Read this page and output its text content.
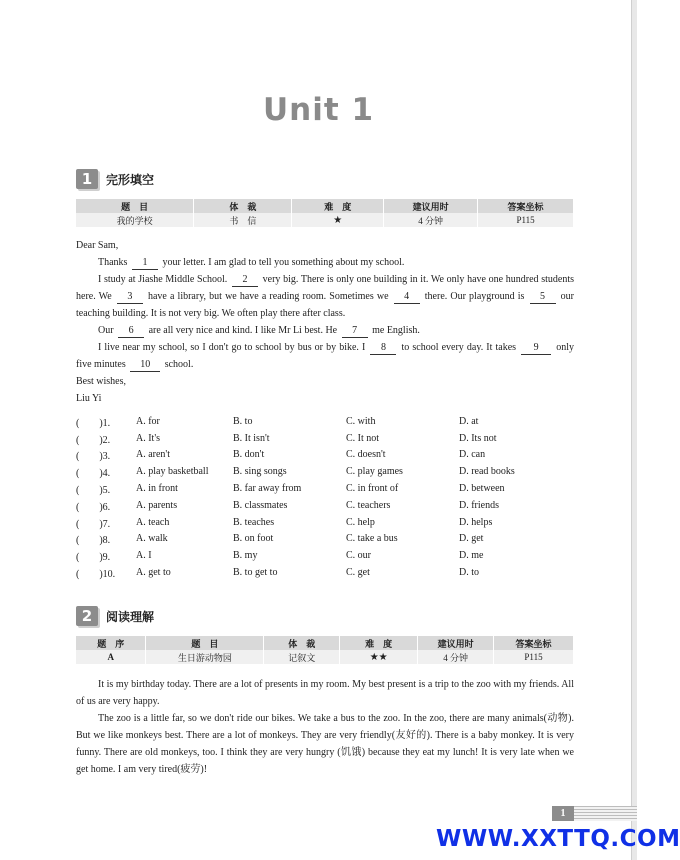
Unit 1
1	完形填空
题　目	体　裁	难　度	建议用时	答案坐标
我的学校	书　信	★	4 分钟	P115

Dear Sam,

Thanks 1 your letter. I am glad to tell you something about my school.

I study at Jiashe Middle School. 2 very big. There is only one building in it. We only have one hundred students here. We 3 have a library, but we have a reading room. Sometimes we 4 there. Our playground is 5 our teaching building. It is not very big. We often play there after class.

Our 6 are all very nice and kind. I like Mr Li best. He 7 me English.

I live near my school, so I don't go to school by bus or by bike. I 8 to school every day. It takes 9 only five minutes 10 school.

Best wishes,

Liu Yi

(　　)1.	A. for	B. to	C. with	D. at
(　　)2.	A. It's	B. It isn't	C. It not	D. Its not
(　　)3.	A. aren't	B. don't	C. doesn't	D. can
(　　)4.	A. play basketball	B. sing songs	C. play games	D. read books
(　　)5.	A. in front	B. far away from	C. in front of	D. between
(　　)6.	A. parents	B. classmates	C. teachers	D. friends
(　　)7.	A. teach	B. teaches	C. help	D. helps
(　　)8.	A. walk	B. on foot	C. take a bus	D. get
(　　)9.	A. I	B. my	C. our	D. me
(　　)10.	A. get to	B. to get to	C. get	D. to
2	阅读理解
题　序	题　目	体　裁	难　度	建议用时	答案坐标
A	生日游动物园	记叙文	★★	4 分钟	P115

It is my birthday today. There are a lot of presents in my room. My best present is a trip to the zoo with my friends. All of us are very happy.

The zoo is a little far, so we don't ride our bikes. We take a bus to the zoo. In the zoo, there are many animals(动物). But we like monkeys best. There are a lot of monkeys. They are very friendly(友好的). There is a baby monkey. It is very funny. There are old monkeys, too. I think they are very hungry (饥饿) because they eat my lunch! It is very late when we get home. I am very tired(疲劳)!

1
WWW.XXTTQ.COM
